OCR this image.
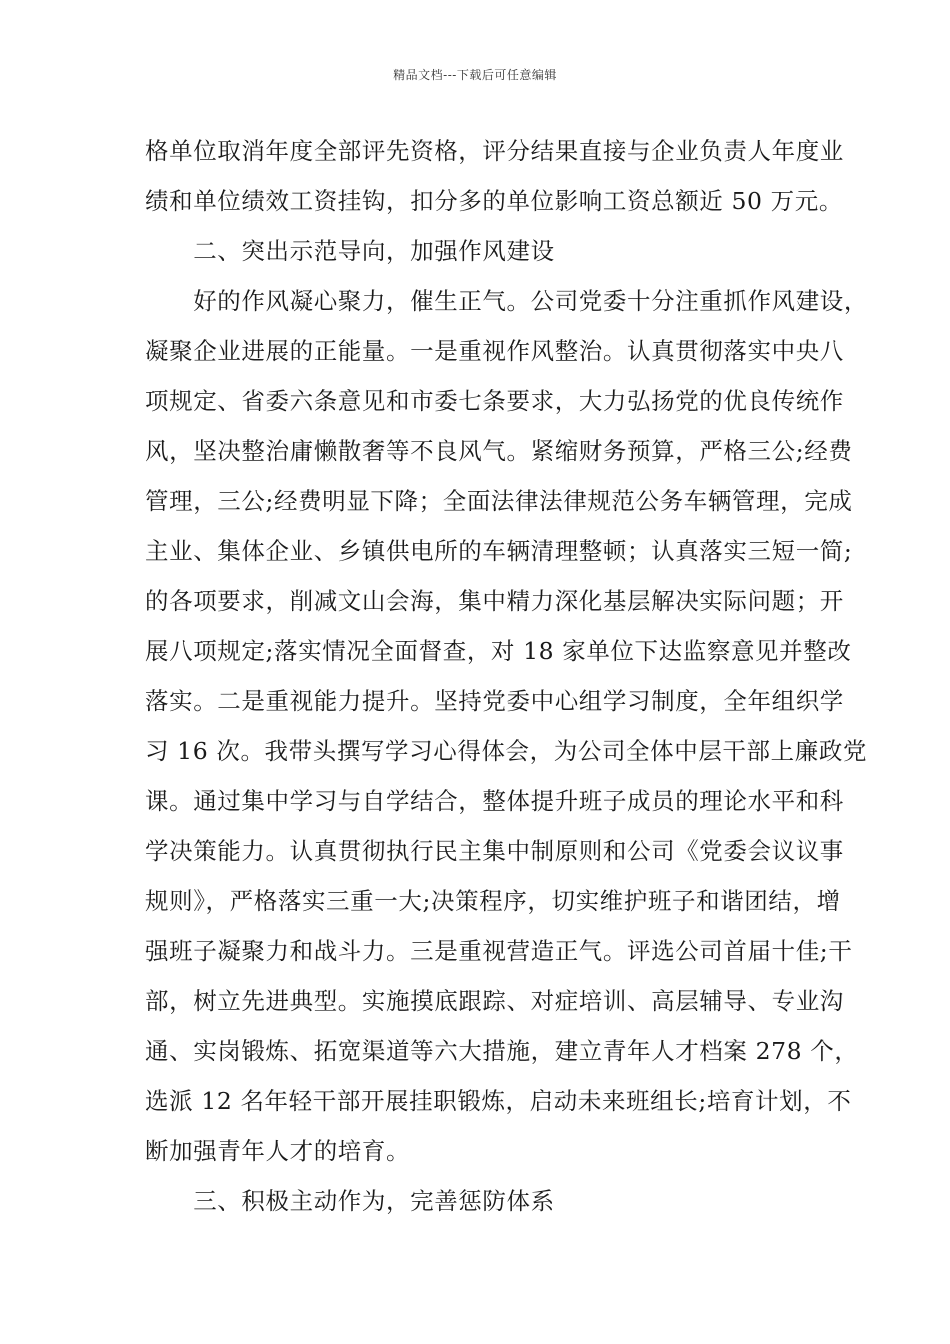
精品文档---下载后可任意编辑
格单位取消年度全部评先资格，评分结果直接与企业负责人年度业
绩和单位绩效工资挂钩，扣分多的单位影响工资总额近 50 万元。
　　二、突出示范导向，加强作风建设
　　好的作风凝心聚力，催生正气。公司党委十分注重抓作风建设，
凝聚企业进展的正能量。一是重视作风整治。认真贯彻落实中央八
项规定、省委六条意见和市委七条要求，大力弘扬党的优良传统作
风，坚决整治庸懒散奢等不良风气。紧缩财务预算，严格三公;经费
管理，三公;经费明显下降；全面法律法律规范公务车辆管理，完成
主业、集体企业、乡镇供电所的车辆清理整顿；认真落实三短一简;
的各项要求，削减文山会海，集中精力深化基层解决实际问题；开
展八项规定;落实情况全面督查，对 18 家单位下达监察意见并整改
落实。二是重视能力提升。坚持党委中心组学习制度，全年组织学
习 16 次。我带头撰写学习心得体会，为公司全体中层干部上廉政党
课。通过集中学习与自学结合，整体提升班子成员的理论水平和科
学决策能力。认真贯彻执行民主集中制原则和公司《党委会议议事
规则》，严格落实三重一大;决策程序，切实维护班子和谐团结，增
强班子凝聚力和战斗力。三是重视营造正气。评选公司首届十佳;干
部，树立先进典型。实施摸底跟踪、对症培训、高层辅导、专业沟
通、实岗锻炼、拓宽渠道等六大措施，建立青年人才档案 278 个，
选派 12 名年轻干部开展挂职锻炼，启动未来班组长;培育计划，不
断加强青年人才的培育。
　　三、积极主动作为，完善惩防体系
